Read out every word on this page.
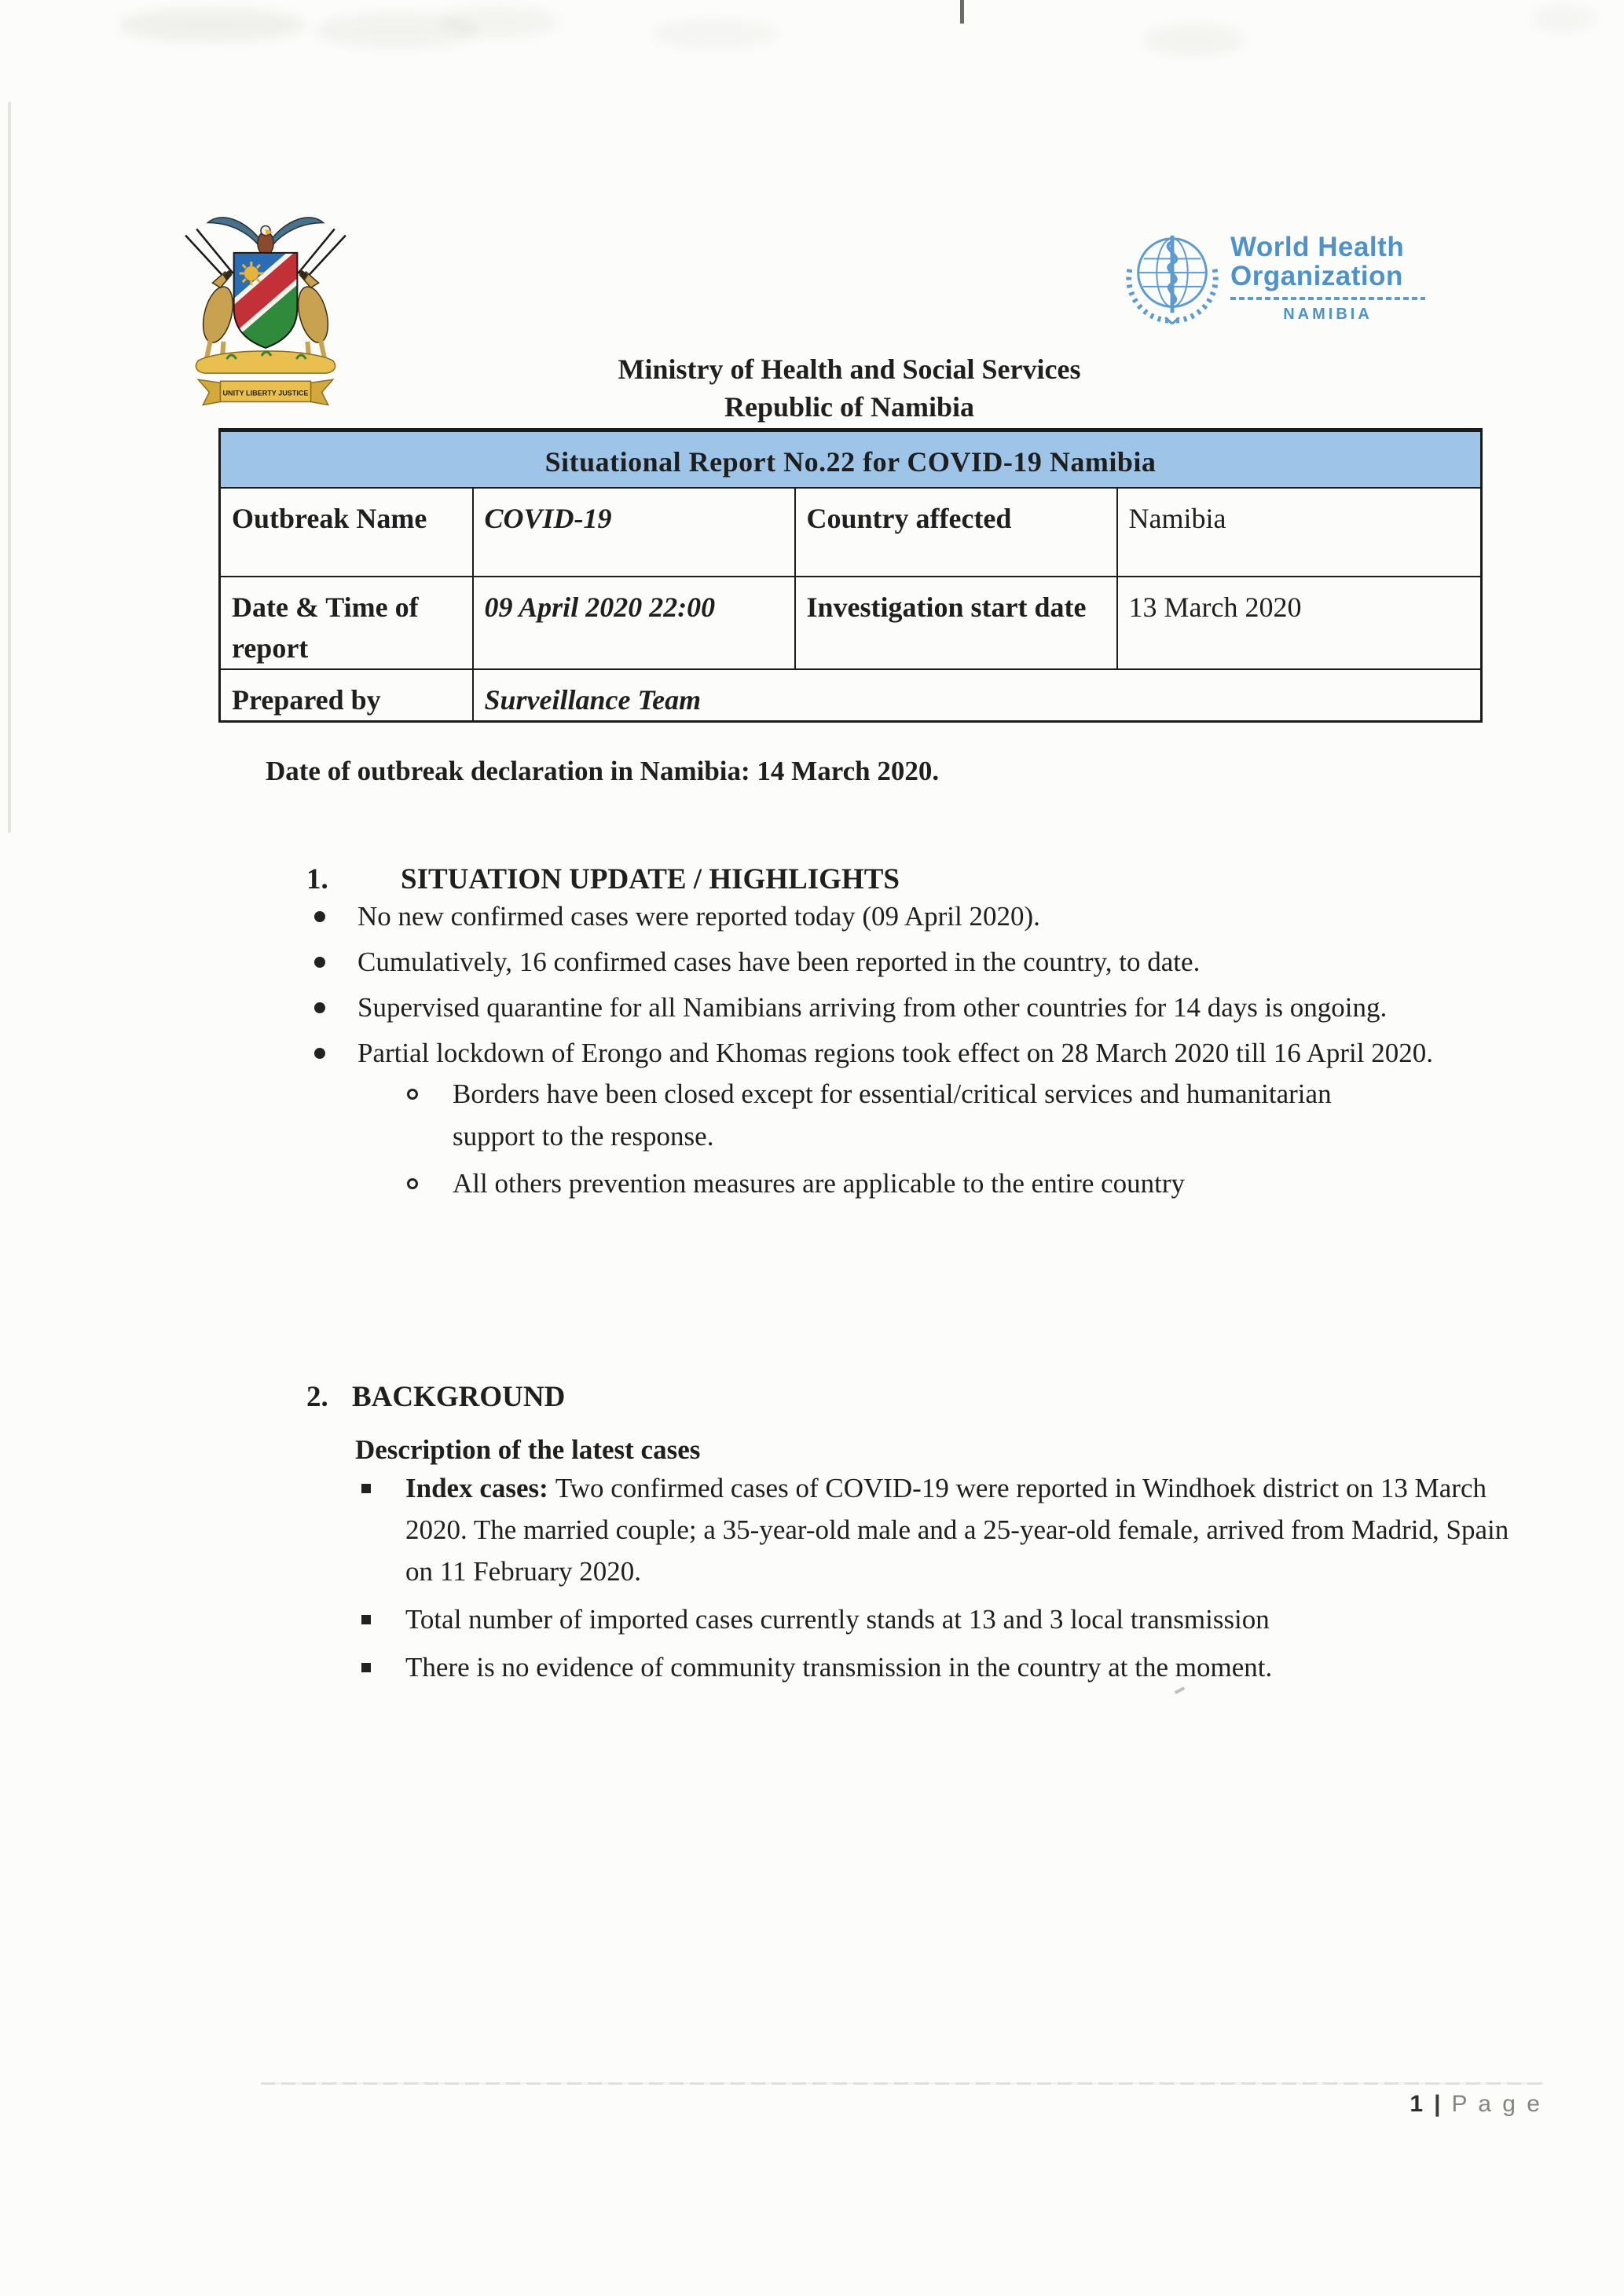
UNITY LIBERTY JUSTICE
World Health
Organization
NAMIBIA
Ministry of Health and Social Services
Republic of Namibia
Situational Report No.22 for COVID-19 Namibia			
Outbreak Name	COVID-19	Country affected	Namibia
Date & Time of report	09 April 2020 22:00	Investigation start date	13 March 2020
Prepared by	Surveillance Team		
Date of outbreak declaration in Namibia: 14 March 2020.
1. SITUATION UPDATE / HIGHLIGHTS
No new confirmed cases were reported today (09 April 2020).
Cumulatively, 16 confirmed cases have been reported in the country, to date.
Supervised quarantine for all Namibians arriving from other countries for 14 days is ongoing.
Partial lockdown of Erongo and Khomas regions took effect on 28 March 2020 till 16 April 2020.
Borders have been closed except for essential/critical services and humanitarian support to the response.
All others prevention measures are applicable to the entire country
2. BACKGROUND
Description of the latest cases
Index cases: Two confirmed cases of COVID-19 were reported in Windhoek district on 13 March 2020. The married couple; a 35-year-old male and a 25-year-old female, arrived from Madrid, Spain on 11 February 2020.
Total number of imported cases currently stands at 13 and 3 local transmission
There is no evidence of community transmission in the country at the moment.
1 | P a g e
